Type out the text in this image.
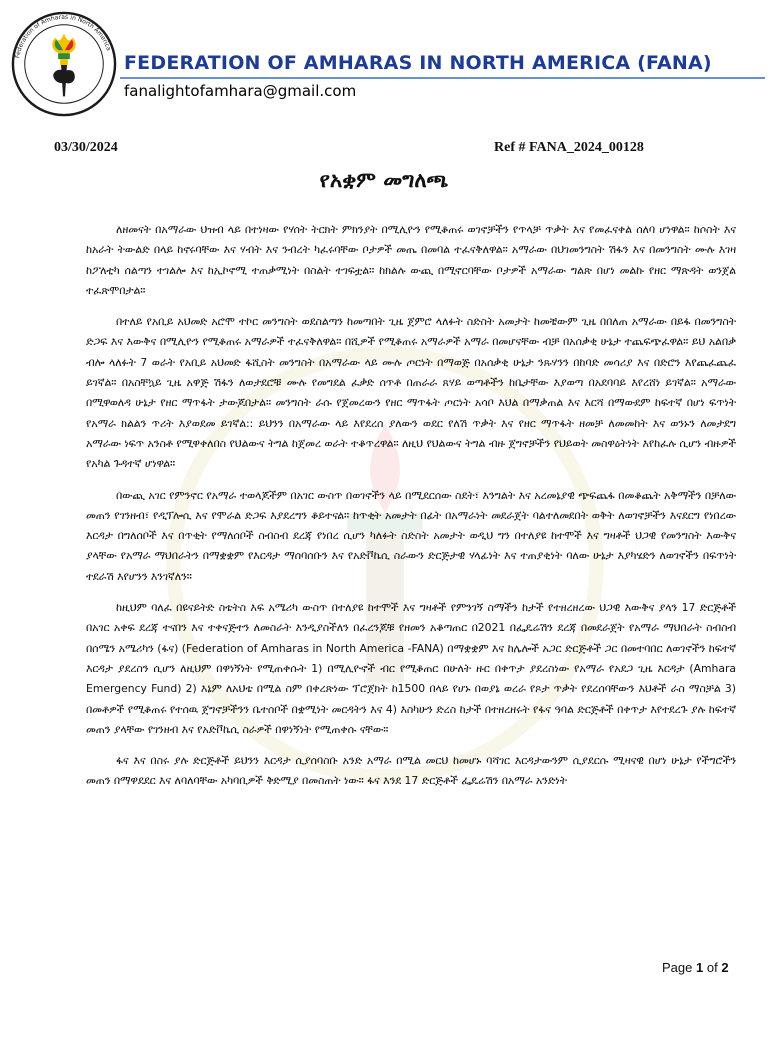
Federation of Amharas in North America
FEDERATION OF AMHARAS IN NORTH AMERICA (FANA)
fanalightofamhara@gmail.com
03/30/2024	Ref # FANA_2024_00128
የአቋም መግለጫ

ለዘመናት በአማራው ህዝብ ላይ በተነዛው የሃሰት ትርክት ምክንያት በሚሊዮን የሚቆጠሩ ወገኖቻችን የጥላቻ ጥቃት እና የመፈናቀል ሰለባ ሆነዋል። ከሶስት እና ከአራት ትውልድ በላይ ከኖሩባቸው እና ሃብት እና ንብረት ካፈሩባቸው ቦታዎች መጤ በመባል ተፈናቅለዋል። አማራው በህገመንግስት ሽፋን እና በመንግስት ሙሉ እገዛ ከፖለቲካ ሰልጣን ተገልሎ እና ከኢኮኖሚ ተጠቃሚነት በስልት ተገፍቷል። ከክልሉ ውጪ በሚኖርባቸው ቦታዎች አማራው ግልጽ በሆነ መልኩ የዘር ማጽዳት ወንጀል ተፈጽሞበታል።

በተለይ የአቢይ አህመድ አሮሞ ተኮር መንግስት ወደስልጣን ከመጣበት ጊዜ ጀምሮ ላለፉት ስድስት አመታት ከመቼውም ጊዜ በበለጠ አማራው በይፋ በመንግስት ድጋፍ እና እውቅና በሚሊዮን የሚቆጠሩ አማራዎች ተፈናቅለዋል። በሺዎች የሚቆጠሩ አማራዎች አማራ በመሆናቸው ብቻ በአሰቃቂ ሁኔታ ተጨፍጭፈዋል። ይህ አልበቃ ብሎ ላለፉት 7 ወራት የአቢይ አህመድ ፋሺስት መንግስት በአማራው ላይ ሙሉ ጦርነት በማወጅ በአሰቃቂ ሁኔታ ንጹሃንን በከባድ መሳሪያ እና በድሮን እየጨፈጨፈ ይገኛል። በአስቸኳይ ጊዜ አዋጅ ሽፋን ለወታደሮቹ ሙሉ የመግደል ፈቃድ ሰጥቶ በጠራራ ጸሃይ ወጣቶችን ከቤታቸው እያወጣ በአደባባይ እየረሸነ ይገኛል። አማራው በሚዋወለዳ ሁኔታ የዘር ማጥፋት ታውጆበታል። መንግስት ራሱ የጀመረውን የዘር ማጥፋት ጦርነት አሳቦ እህል በማቃጠል እና እርሻ በማውደም ከፍተኛ በሆነ ፍጥነት የአማራ ክልልን ጥሪት እያወደመ ይገኛል:: ይህንን በአማራው ላይ እየደረሰ ያለውን ወደር የለሽ ጥቃት እና የዘር ማጥፋት ዘመቻ ለመመከት እና ወንኑን ለመታደግ አማራው ነፍጥ አንስቶ የሚዋቀለበስ የህልውና ትግል ከጀመረ ወራት ተቆጥረዋል። ለዚህ የህልውና ትግል ብዙ ጀግኖቻችን የህይወት መስዋዕትነት እየከፈሉ ሲሆን ብዙዎች የአካል ጉዳተኛ ሆነዋል።

በውጪ አገር የምንኖር የአማራ ተወላጆችም በአገር ውስጥ በወገኖችን ላይ በሚደርሰው ስደት፣ እንግልት እና አረመኔያዊ ጭፍጨፋ በመቆጨት አቅማችን በቻለው መጠን የገንዘብ፣ የዲፕሎሲ እና የሞራል ድጋፍ እያደረግን ቆይተናል። ከጥቂት አመታት በፊት በአማራነት መደራጀት ባልተለመደበት ወቅት ለወገኖቻችን እናደርግ የነበረው እርዳታ በግለሰቦች እና በጥቂት የማለሰቦች ስብስብ ደረጃ የነበረ ሲሆን ካለፉት ስድስት አመታት ወዲህ ግን በተለያዩ ከተሞች እና ግዛቶች ህጋዊ የመንግስት እውቅና ያላቸው የአማራ ማህበራትን በማቋቋም የእርዳታ ማሰባሰቡን እና የአድቮኬሲ ስራውን ድርጅታዊ ሃላፊነት እና ተጠያቂነት ባለው ሁኔታ እያካሄድን ለወገኖችን በፍጥነት ተደራሽ እየሆንን እንገኛለን።

ከዚህም ባለፈ በዩናይትድ ስቴትስ እፍ አሜሪካ ውስጥ በተለያዩ ከተሞች እና ግዛቶች የምንገኝ ስማችን ከታች የተዘረዘረው ህጋዊ እውቅና ያላን 17 ድርጅቶች በአገር አቀፍ ደረጃ ተናበን እና ተቀናጅተን ለመስራት እንዲያስችለን በፈረንጆቹ የዘመን አቆጣጠር በ2021 በፌዴሬሽን ደረጃ በመደራጀት የአማራ ማህበራት ስብስብ በሰሜን አሜሪካን (ፋና) (Federation of Amharas in North America -FANA) በማቋቋም እና ከሌሎች አጋር ድርጅቶች ጋር በመተባበር ለወገኖችን ከፍተኛ እርዳታ ያደረስን ሲሆን ለዚህም በዋነኝነት የሚጠቀሱት 1) በሚሊዮኖች ብር የሚቆጠር በሁለት ዙር በቀጥታ ያደረስነው የአማራ የአደጋ ጊዜ እርዳታ (Amhara Emergency Fund) 2) እኔም ለአህቴ በሚል ስም በቀረጽነው ፕሮጀክት ከ1500 በላይ የሆኑ በወያኔ ወረራ የጾታ ጥቃት የደረሰባቸውን እህቶች ራስ ማስቻል 3) በመቶዎች የሚቆጠሩ የተሰዉ ጀግኖቻችንን ቤተሰቦች በቋሚነት መርዳትን እና 4) እስካሁን ድረስ ከታች በተዘረዘሩት የፋና ዓባል ድርጅቶች በቀጥታ እየተደረጉ ያሉ ከፍተኛ መጠን ያላቸው የገንዘብ እና የአድቮኬሲ ስራዎች በዋነኝነት የሚጠቀሱ ናቸው።

ፋና እና በስሩ ያሉ ድርጅቶች ይህንን እርዳታ ሲያሰባስቡ አንድ አማራ በሚል መርህ ከመሆኑ ባሻገር እርዳታውንም ሲያደርሱ ሚዛናዊ በሆነ ሁኔታ የችግሮችን መጠን በማዋደደር እና ለባለባቸው አካባቢዎች ቅድሚያ በመስጠት ነው። ፋና እንደ 17 ድርጅቶች ፌዴሬሽን በአማራ አንድነት

Page 1 of 2
